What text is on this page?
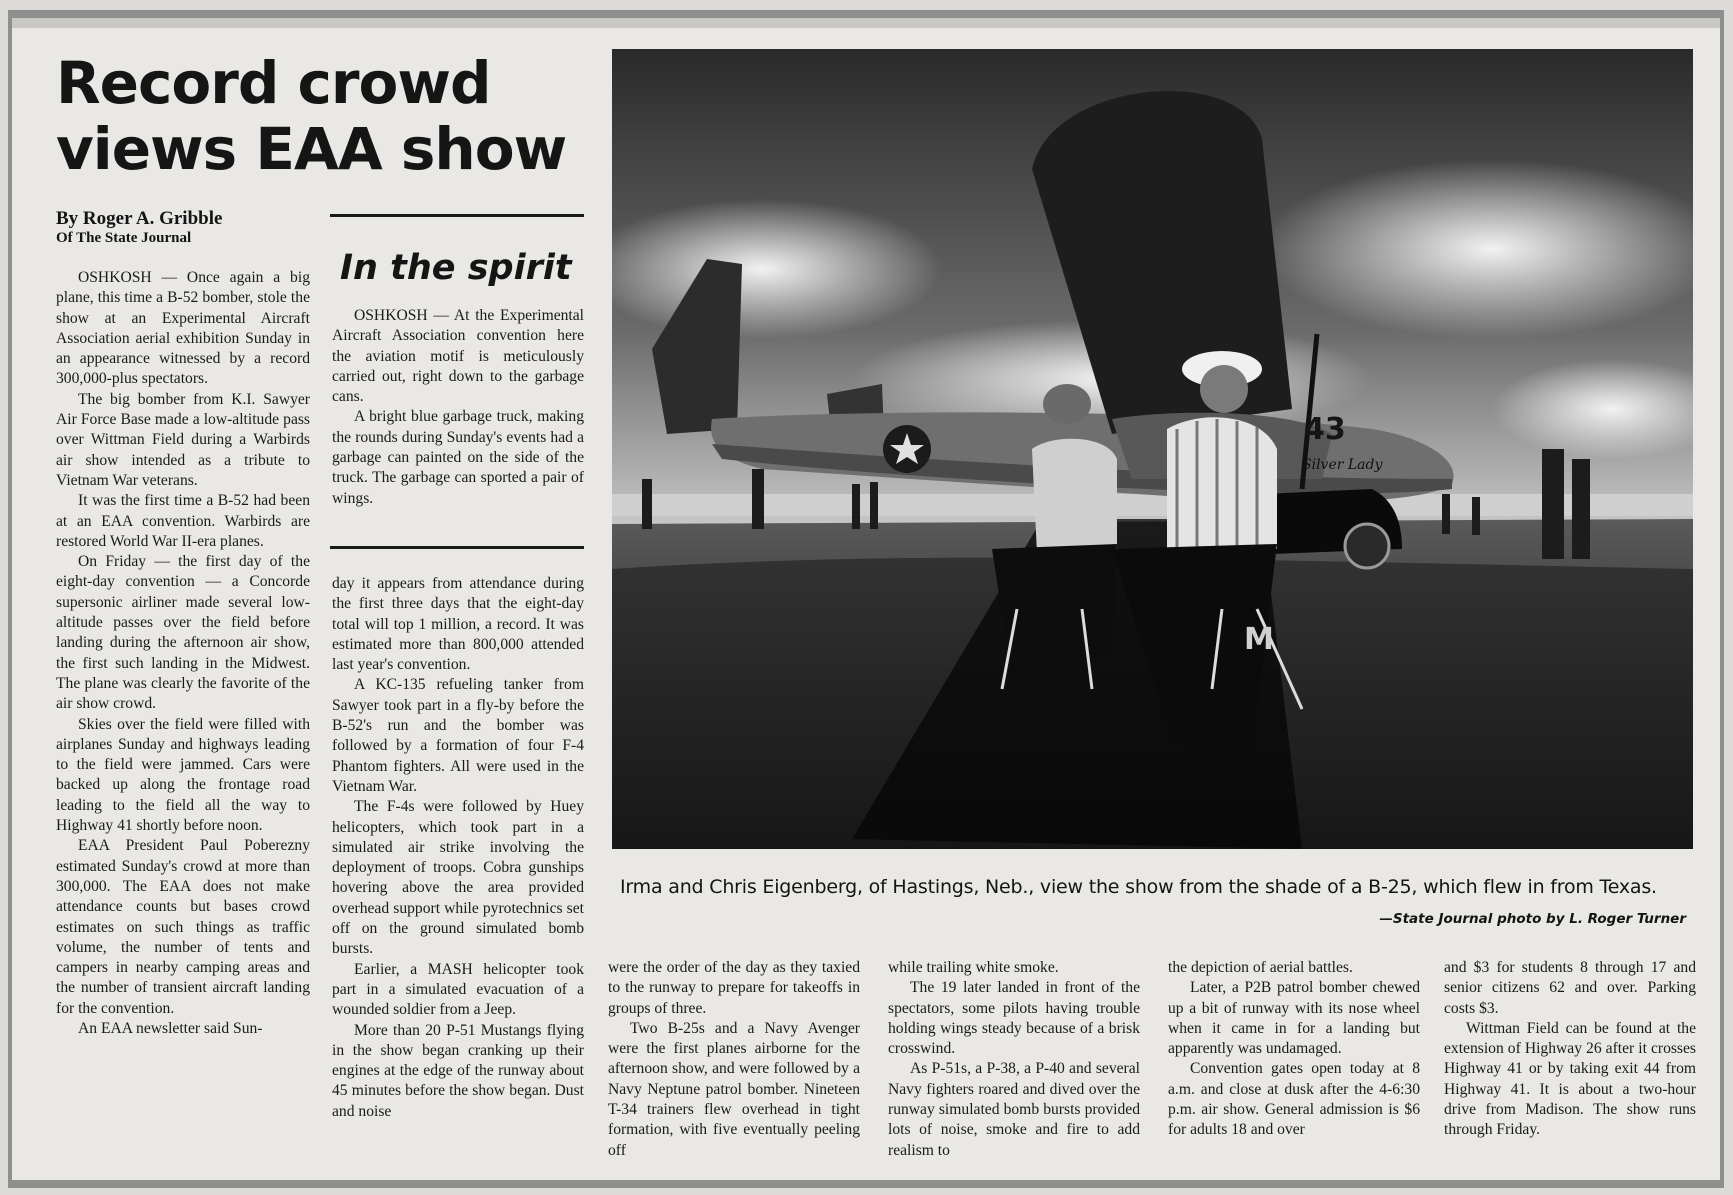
Record crowd views EAA show
By Roger A. Gribble
Of The State Journal

OSHKOSH — Once again a big plane, this time a B-52 bomber, stole the show at an Experimental Aircraft Association aerial exhibition Sunday in an appearance witnessed by a record 300,000-plus spectators.

The big bomber from K.I. Sawyer Air Force Base made a low-altitude pass over Wittman Field during a Warbirds air show intended as a tribute to Vietnam War veterans.

It was the first time a B-52 had been at an EAA convention. Warbirds are restored World War II-era planes.

On Friday — the first day of the eight-day convention — a Concorde supersonic airliner made several low-altitude passes over the field before landing during the afternoon air show, the first such landing in the Midwest. The plane was clearly the favorite of the air show crowd.

Skies over the field were filled with airplanes Sunday and highways leading to the field were jammed. Cars were backed up along the frontage road leading to the field all the way to Highway 41 shortly before noon.

EAA President Paul Poberezny estimated Sunday's crowd at more than 300,000. The EAA does not make attendance counts but bases crowd estimates on such things as traffic volume, the number of tents and campers in nearby camping areas and the number of transient aircraft landing for the convention.

An EAA newsletter said Sun-

In the spirit

OSHKOSH — At the Experimental Aircraft Association convention here the aviation motif is meticulously carried out, right down to the garbage cans.

A bright blue garbage truck, making the rounds during Sunday's events had a garbage can painted on the side of the truck. The garbage can sported a pair of wings.

day it appears from attendance during the first three days that the eight-day total will top 1 million, a record. It was estimated more than 800,000 attended last year's convention.

A KC-135 refueling tanker from Sawyer took part in a fly-by before the B-52's run and the bomber was followed by a formation of four F-4 Phantom fighters. All were used in the Vietnam War.

The F-4s were followed by Huey helicopters, which took part in a simulated air strike involving the deployment of troops. Cobra gunships hovering above the area provided overhead support while pyrotechnics set off on the ground simulated bomb bursts.

Earlier, a MASH helicopter took part in a simulated evacuation of a wounded soldier from a Jeep.

More than 20 P-51 Mustangs flying in the show began cranking up their engines at the edge of the runway about 45 minutes before the show began. Dust and noise

43
Silver Lady
M
Irma and Chris Eigenberg, of Hastings, Neb., view the show from the shade of a B-25, which flew in from Texas.
—State Journal photo by L. Roger Turner

were the order of the day as they taxied to the runway to prepare for takeoffs in groups of three.

Two B-25s and a Navy Avenger were the first planes airborne for the afternoon show, and were followed by a Navy Neptune patrol bomber. Nineteen T-34 trainers flew overhead in tight formation, with five eventually peeling off

while trailing white smoke.

The 19 later landed in front of the spectators, some pilots having trouble holding wings steady because of a brisk crosswind.

As P-51s, a P-38, a P-40 and several Navy fighters roared and dived over the runway simulated bomb bursts provided lots of noise, smoke and fire to add realism to

the depiction of aerial battles.

Later, a P2B patrol bomber chewed up a bit of runway with its nose wheel when it came in for a landing but apparently was undamaged.

Convention gates open today at 8 a.m. and close at dusk after the 4-6:30 p.m. air show. General admission is $6 for adults 18 and over

and $3 for students 8 through 17 and senior citizens 62 and over. Parking costs $3.

Wittman Field can be found at the extension of Highway 26 after it crosses Highway 41 or by taking exit 44 from Highway 41. It is about a two-hour drive from Madison. The show runs through Friday.
